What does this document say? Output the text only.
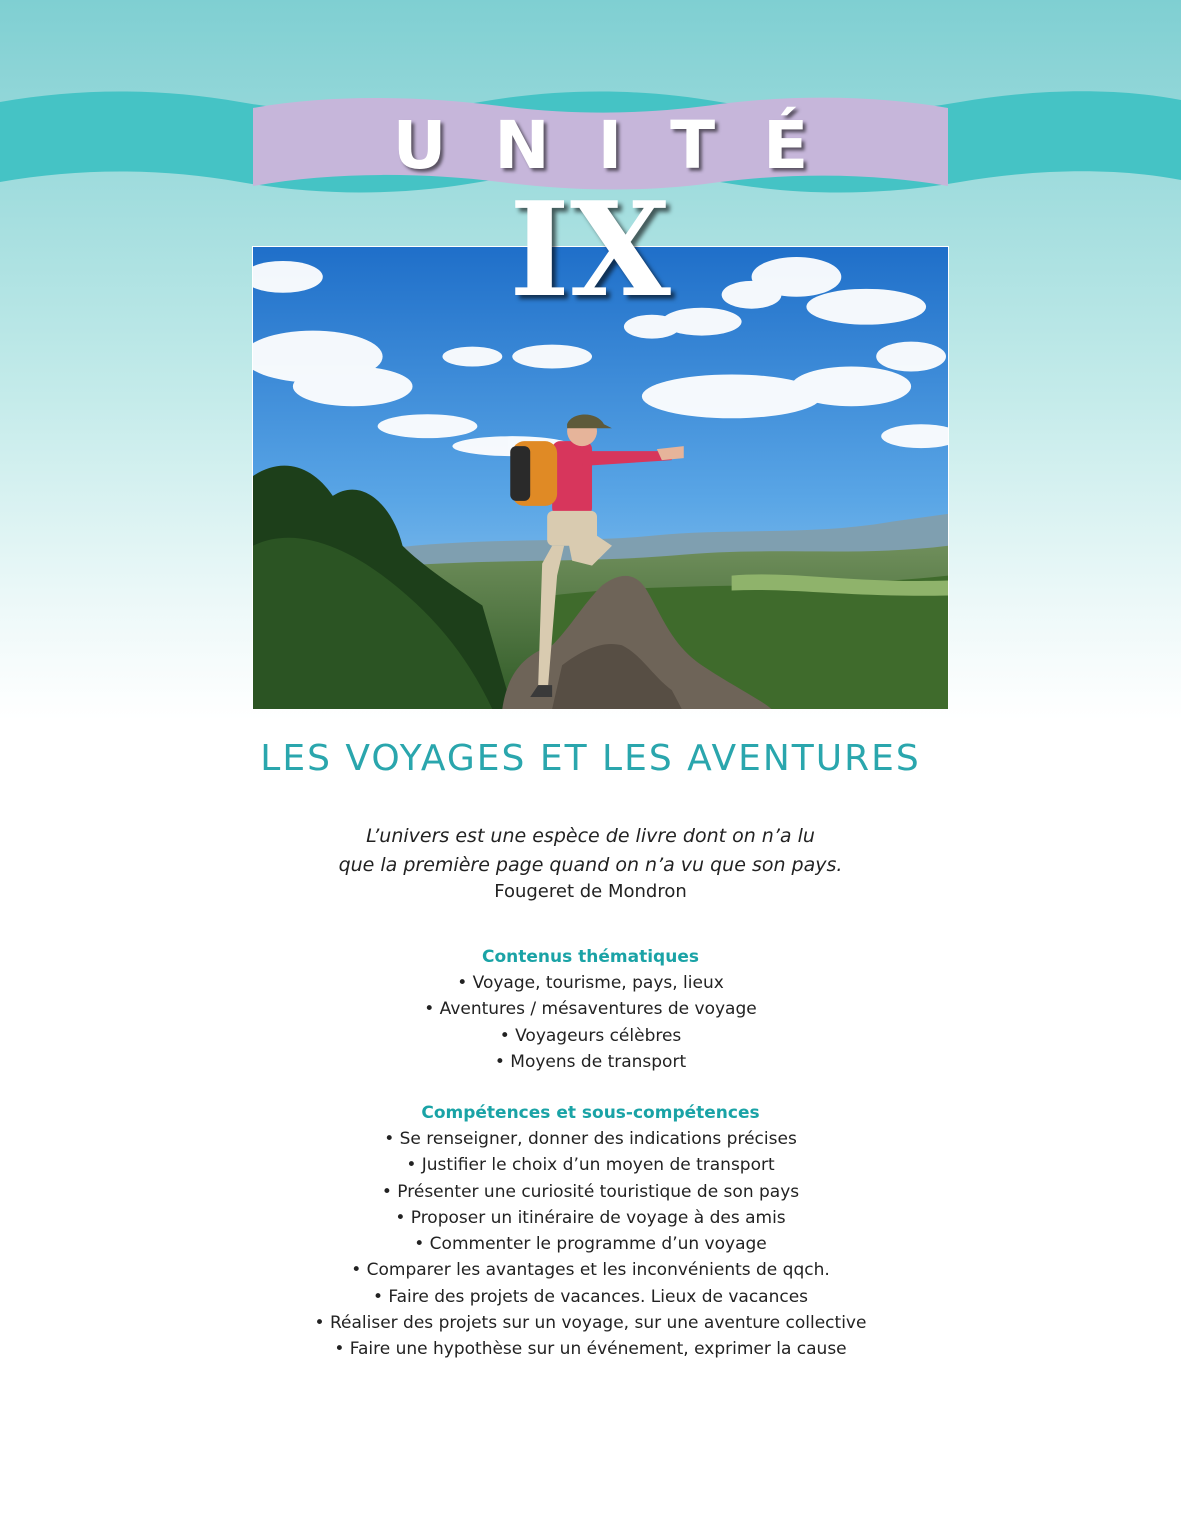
UNITÉ
IX
LES VOYAGES ET LES AVENTURES
L’univers est une espèce de livre dont on n’a lu
que la première page quand on n’a vu que son pays.
Fougeret de Mondron
Contenus thématiques
• Voyage, tourisme, pays, lieux
• Aventures / mésaventures de voyage
• Voyageurs célèbres
• Moyens de transport
Compétences et sous-compétences
• Se renseigner, donner des indications précises
• Justifier le choix d’un moyen de transport
• Présenter une curiosité touristique de son pays
• Proposer un itinéraire de voyage à des amis
• Commenter le programme d’un voyage
• Comparer les avantages et les inconvénients de qqch.
• Faire des projets de vacances. Lieux de vacances
• Réaliser des projets sur un voyage, sur une aventure collective
• Faire une hypothèse sur un événement, exprimer la cause
